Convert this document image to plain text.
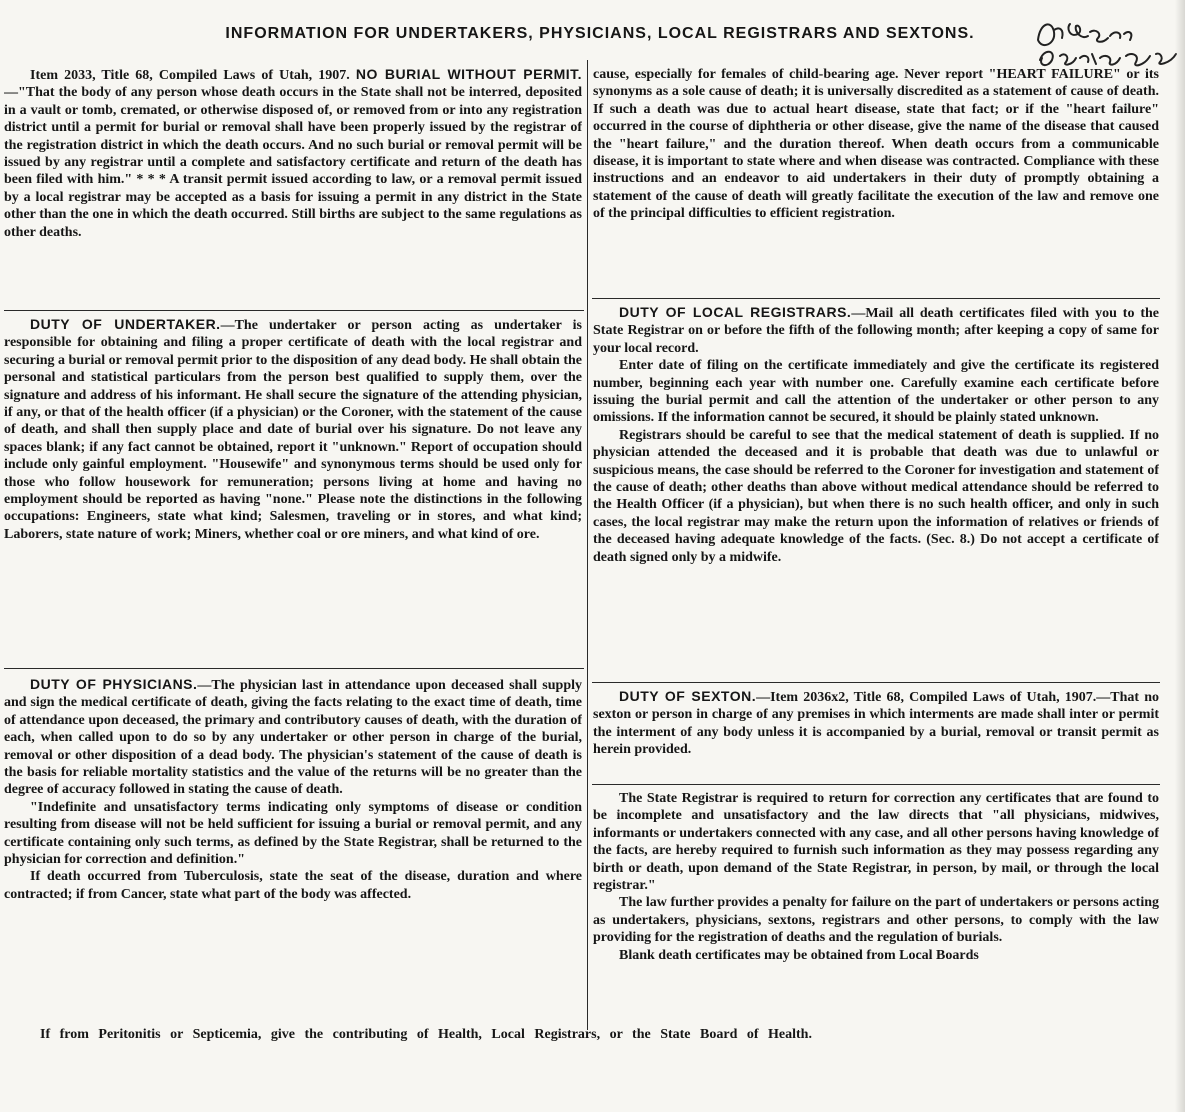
INFORMATION FOR UNDERTAKERS, PHYSICIANS, LOCAL REGISTRARS AND SEXTONS.

Item 2033, Title 68, Compiled Laws of Utah, 1907. NO BURIAL WITHOUT PERMIT.—"That the body of any person whose death occurs in the State shall not be interred, deposited in a vault or tomb, cremated, or otherwise disposed of, or removed from or into any registration district until a permit for burial or removal shall have been properly issued by the registrar of the registration district in which the death occurs. And no such burial or removal permit will be issued by any registrar until a complete and satisfactory certificate and return of the death has been filed with him." * * * A transit permit issued according to law, or a removal permit issued by a local registrar may be accepted as a basis for issuing a permit in any district in the State other than the one in which the death occurred. Still births are subject to the same regulations as other deaths.

DUTY OF UNDERTAKER.—The undertaker or person acting as undertaker is responsible for obtaining and filing a proper certificate of death with the local registrar and securing a burial or removal permit prior to the disposition of any dead body. He shall obtain the personal and statistical particulars from the person best qualified to supply them, over the signature and address of his informant. He shall secure the signature of the attending physician, if any, or that of the health officer (if a physician) or the Coroner, with the statement of the cause of death, and shall then supply place and date of burial over his signature. Do not leave any spaces blank; if any fact cannot be obtained, report it "unknown." Report of occupation should include only gainful employment. "Housewife" and synonymous terms should be used only for those who follow housework for remuneration; persons living at home and having no employment should be reported as having "none." Please note the distinctions in the following occupations: Engineers, state what kind; Salesmen, traveling or in stores, and what kind; Laborers, state nature of work; Miners, whether coal or ore miners, and what kind of ore.

DUTY OF PHYSICIANS.—The physician last in attendance upon deceased shall supply and sign the medical certificate of death, giving the facts relating to the exact time of death, time of attendance upon deceased, the primary and contributory causes of death, with the duration of each, when called upon to do so by any undertaker or other person in charge of the burial, removal or other disposition of a dead body. The physician's statement of the cause of death is the basis for reliable mortality statistics and the value of the returns will be no greater than the degree of accuracy followed in stating the cause of death.

"Indefinite and unsatisfactory terms indicating only symptoms of disease or condition resulting from disease will not be held sufficient for issuing a burial or removal permit, and any certificate containing only such terms, as defined by the State Registrar, shall be returned to the physician for correction and definition."

If death occurred from Tuberculosis, state the seat of the disease, duration and where contracted; if from Cancer, state what part of the body was affected.

cause, especially for females of child-bearing age. Never report "HEART FAILURE" or its synonyms as a sole cause of death; it is universally discredited as a statement of cause of death. If such a death was due to actual heart disease, state that fact; or if the "heart failure" occurred in the course of diphtheria or other disease, give the name of the disease that caused the "heart failure," and the duration thereof. When death occurs from a communicable disease, it is important to state where and when disease was contracted. Compliance with these instructions and an endeavor to aid undertakers in their duty of promptly obtaining a statement of the cause of death will greatly facilitate the execution of the law and remove one of the principal difficulties to efficient registration.

DUTY OF LOCAL REGISTRARS.—Mail all death certificates filed with you to the State Registrar on or before the fifth of the following month; after keeping a copy of same for your local record.

Enter date of filing on the certificate immediately and give the certificate its registered number, beginning each year with number one. Carefully examine each certificate before issuing the burial permit and call the attention of the undertaker or other person to any omissions. If the information cannot be secured, it should be plainly stated unknown.

Registrars should be careful to see that the medical statement of death is supplied. If no physician attended the deceased and it is probable that death was due to unlawful or suspicious means, the case should be referred to the Coroner for investigation and statement of the cause of death; other deaths than above without medical attendance should be referred to the Health Officer (if a physician), but when there is no such health officer, and only in such cases, the local registrar may make the return upon the information of relatives or friends of the deceased having adequate knowledge of the facts. (Sec. 8.) Do not accept a certificate of death signed only by a midwife.

DUTY OF SEXTON.—Item 2036x2, Title 68, Compiled Laws of Utah, 1907.—That no sexton or person in charge of any premises in which interments are made shall inter or permit the interment of any body unless it is accompanied by a burial, removal or transit permit as herein provided.

The State Registrar is required to return for correction any certificates that are found to be incomplete and unsatisfactory and the law directs that "all physicians, midwives, informants or undertakers connected with any case, and all other persons having knowledge of the facts, are hereby required to furnish such information as they may possess regarding any birth or death, upon demand of the State Registrar, in person, by mail, or through the local registrar."

The law further provides a penalty for failure on the part of undertakers or persons acting as undertakers, physicians, sextons, registrars and other persons, to comply with the law providing for the registration of deaths and the regulation of burials.

Blank death certificates may be obtained from Local Boards

If from Peritonitis or Septicemia, give the contributing of Health, Local Registrars, or the State Board of Health.
